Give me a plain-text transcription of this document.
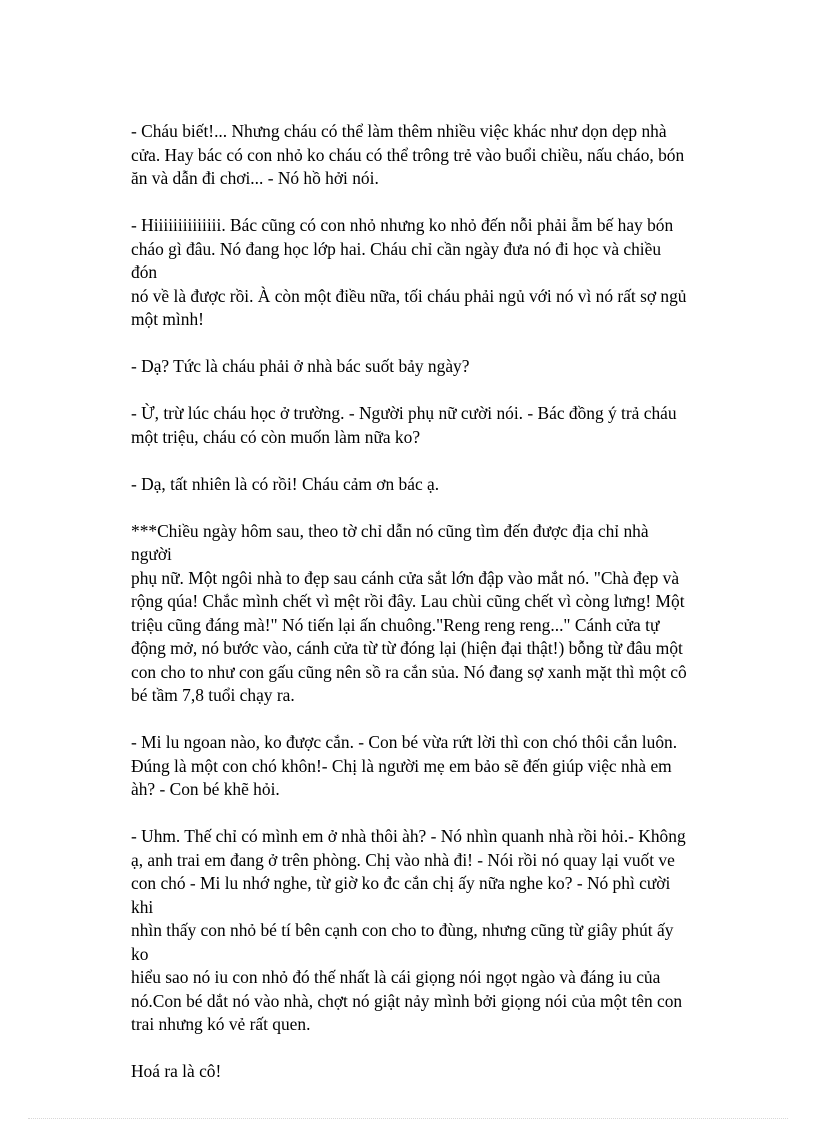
- Cháu biết!... Nhưng cháu có thể làm thêm nhiều việc khác như dọn dẹp nhà
cửa. Hay bác có con nhỏ ko cháu có thể trông trẻ vào buổi chiều, nấu cháo, bón
ăn và dẫn đi chơi... - Nó hồ hởi nói.

- Hiiiiiiiiiiiiii. Bác cũng có con nhỏ nhưng ko nhỏ đến nỗi phải ẵm bế hay bón
cháo gì đâu. Nó đang học lớp hai. Cháu chỉ cần ngày đưa nó đi học và chiều đón
nó về là được rồi. À còn một điều nữa, tối cháu phải ngủ với nó vì nó rất sợ ngủ
một mình!

- Dạ? Tức là cháu phải ở nhà bác suốt bảy ngày?

- Ừ, trừ lúc cháu học ở trường. - Người phụ nữ cười nói. - Bác đồng ý trả cháu
một triệu, cháu có còn muốn làm nữa ko?

- Dạ, tất nhiên là có rồi! Cháu cảm ơn bác ạ.

***Chiều ngày hôm sau, theo tờ chỉ dẫn nó cũng tìm đến được địa chỉ nhà người
phụ nữ. Một ngôi nhà to đẹp sau cánh cửa sắt lớn đập vào mắt nó. "Chà đẹp và
rộng qúa! Chắc mình chết vì mệt rồi đây. Lau chùi cũng chết vì còng lưng! Một
triệu cũng đáng mà!" Nó tiến lại ấn chuông."Reng reng reng..." Cánh cửa tự
động mở, nó bước vào, cánh cửa từ từ đóng lại (hiện đại thật!) bỗng từ đâu một
con cho to như con gấu cũng nên sồ ra cắn sủa. Nó đang sợ xanh mặt thì một cô
bé tầm 7,8 tuổi chạy ra.

- Mi lu ngoan nào, ko được cắn. - Con bé vừa rứt lời thì con chó thôi cắn luôn.
Đúng là một con chó khôn!- Chị là người mẹ em bảo sẽ đến giúp việc nhà em
àh? - Con bé khẽ hỏi.

- Uhm. Thế chỉ có mình em ở nhà thôi àh? - Nó nhìn quanh nhà rồi hỏi.- Không
ạ, anh trai em đang ở trên phòng. Chị vào nhà đi! - Nói rồi nó quay lại vuốt ve
con chó - Mi lu nhớ nghe, từ giờ ko đc cắn chị ấy nữa nghe ko? - Nó phì cười khi
nhìn thấy con nhỏ bé tí bên cạnh con cho to đùng, nhưng cũng từ giây phút ấy ko
hiểu sao nó iu con nhỏ đó thế nhất là cái giọng nói ngọt ngào và đáng iu của
nó.Con bé dắt nó vào nhà, chợt nó giật nảy mình bởi giọng nói của một tên con
trai nhưng kó vẻ rất quen.

Hoá ra là cô!
